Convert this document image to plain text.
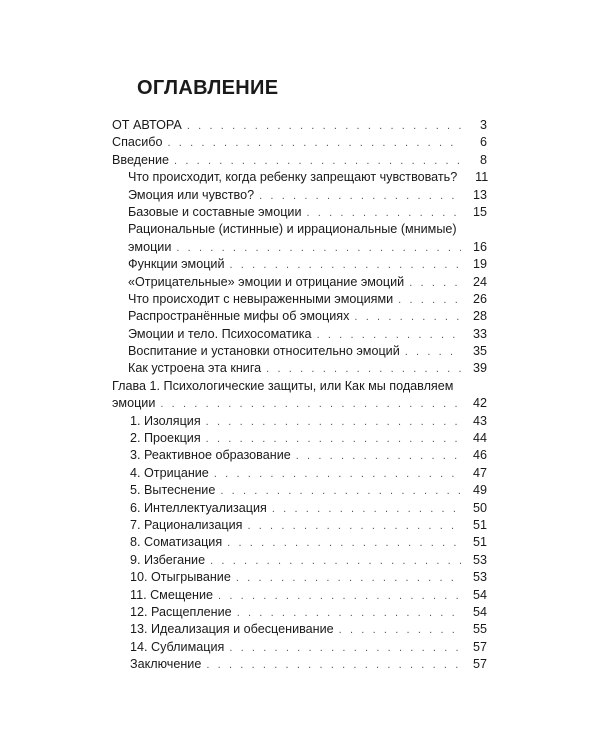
ОГЛАВЛЕНИЕ
ОТ АВТОРА . . .	3
Спасибо . . .	6
Введение . . .	8
Что происходит, когда ребенку запрещают чувствовать?	11
Эмоция или чувство? . . .	13
Базовые и составные эмоции . . .	15
Рациональные (истинные) и иррациональные (мнимые)
эмоции . . .	16
Функции эмоций . . .	19
«Отрицательные» эмоции и отрицание эмоций . . .	24
Что происходит с невыраженными эмоциями . . .	26
Распространённые мифы об эмоциях . . .	28
Эмоции и тело. Психосоматика . . .	33
Воспитание и установки относительно эмоций . . .	35
Как устроена эта книга . . .	39
Глава 1. Психологические защиты, или Как мы подавляем
эмоции . . .	42
1. Изоляция . . .	43
2. Проекция . . .	44
3. Реактивное образование . . .	46
4. Отрицание . . .	47
5. Вытеснение . . .	49
6. Интеллектуализация . . .	50
7. Рационализация . . .	51
8. Соматизация . . .	51
9. Избегание . . .	53
10. Отыгрывание . . .	53
11. Смещение . . .	54
12. Расщепление . . .	54
13. Идеализация и обесценивание . . .	55
14. Сублимация . . .	57
Заключение . . .	57
